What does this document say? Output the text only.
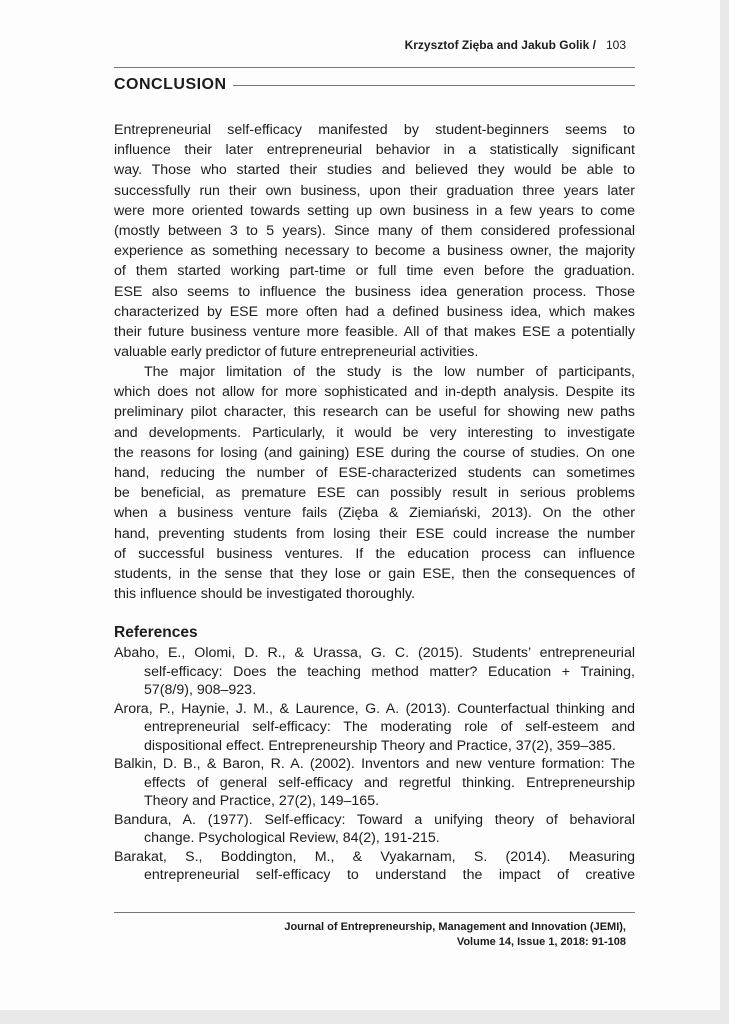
Krzysztof Zięba and Jakub Golik / 103
CONCLUSION
Entrepreneurial self-efficacy manifested by student-beginners seems to
influence their later entrepreneurial behavior in a statistically significant
way. Those who started their studies and believed they would be able to
successfully run their own business, upon their graduation three years later
were more oriented towards setting up own business in a few years to come
(mostly between 3 to 5 years). Since many of them considered professional
experience as something necessary to become a business owner, the majority
of them started working part-time or full time even before the graduation.
ESE also seems to influence the business idea generation process. Those
characterized by ESE more often had a defined business idea, which makes
their future business venture more feasible. All of that makes ESE a potentially
valuable early predictor of future entrepreneurial activities.
The major limitation of the study is the low number of participants,
which does not allow for more sophisticated and in-depth analysis. Despite its
preliminary pilot character, this research can be useful for showing new paths
and developments. Particularly, it would be very interesting to investigate
the reasons for losing (and gaining) ESE during the course of studies. On one
hand, reducing the number of ESE-characterized students can sometimes
be beneficial, as premature ESE can possibly result in serious problems
when a business venture fails (Zięba & Ziemiański, 2013). On the other
hand, preventing students from losing their ESE could increase the number
of successful business ventures. If the education process can influence
students, in the sense that they lose or gain ESE, then the consequences of
this influence should be investigated thoroughly.
References
Abaho, E., Olomi, D. R., & Urassa, G. C. (2015). Students’ entrepreneurial
self-efficacy: Does the teaching method matter? Education + Training,
57(8/9), 908–923.
Arora, P., Haynie, J. M., & Laurence, G. A. (2013). Counterfactual thinking and
entrepreneurial self-efficacy: The moderating role of self-esteem and
dispositional effect. Entrepreneurship Theory and Practice, 37(2), 359–385.
Balkin, D. B., & Baron, R. A. (2002). Inventors and new venture formation: The
effects of general self-efficacy and regretful thinking. Entrepreneurship
Theory and Practice, 27(2), 149–165.
Bandura, A. (1977). Self-efficacy: Toward a unifying theory of behavioral
change. Psychological Review, 84(2), 191-215.
Barakat, S., Boddington, M., & Vyakarnam, S. (2014). Measuring
entrepreneurial self-efficacy to understand the impact of creative
Journal of Entrepreneurship, Management and Innovation (JEMI),
Volume 14, Issue 1, 2018: 91-108
